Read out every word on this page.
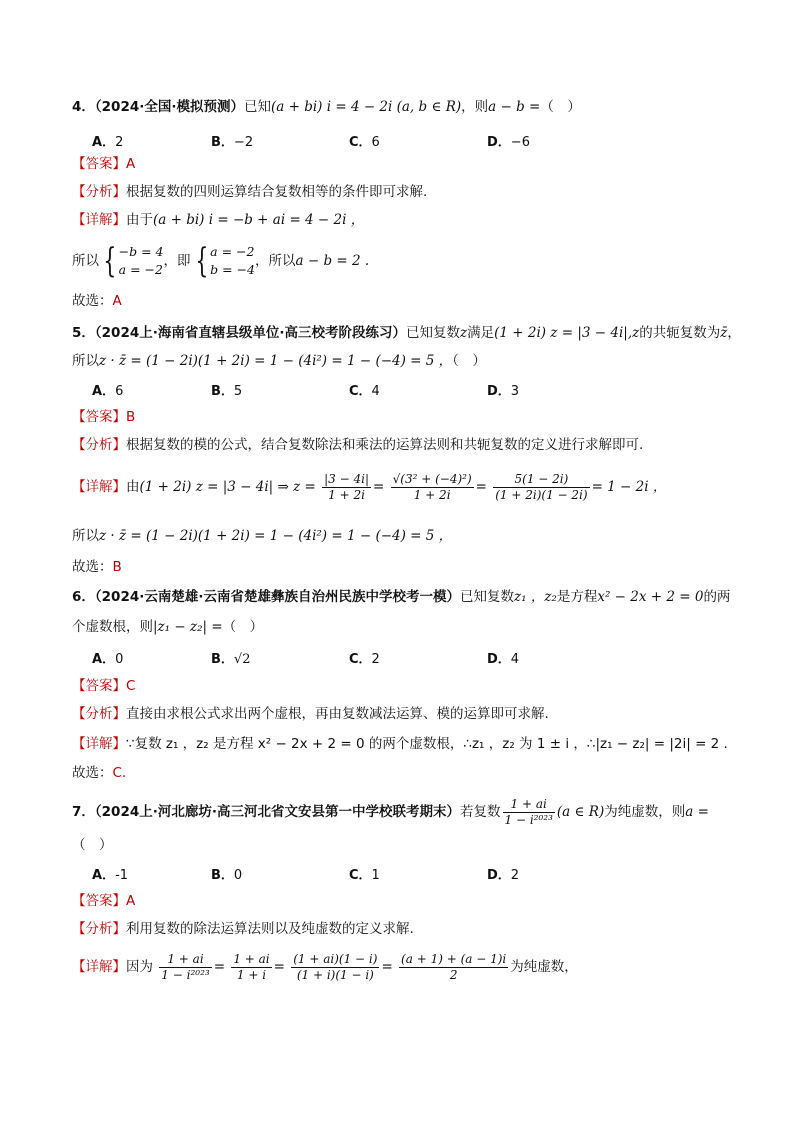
4．（2024·全国·模拟预测）已知(a + bi) i = 4 − 2i (a, b ∈ R)，则a − b =（　）
A．2	B．−2	C．6	D．−6
【答案】A
【分析】根据复数的四则运算结合复数相等的条件即可求解.
【详解】由于(a + bi) i = −b + ai = 4 − 2i ，
所以 { −b = 4
a = −2
，即 { a = −2
b = −4
，所以a − b = 2 .
故选：A
5．（2024上·海南省直辖县级单位·高三校考阶段练习）已知复数z满足(1 + 2i) z = |3 − 4i|,z的共轭复数为z̄，
所以z · z̄ = (1 − 2i)(1 + 2i) = 1 − (4i²) = 1 − (−4) = 5 ，（　）
A．6	B．5	C．4	D．3
【答案】B
【分析】根据复数的模的公式，结合复数除法和乘法的运算法则和共轭复数的定义进行求解即可.
【详解】由(1 + 2i) z = |3 − 4i| ⇒ $z = \frac{|3 - 4i|}{1 + 2i} = \frac{\text{√(3² + (−4)²)}}{1 + 2i} = \frac{5(1 - 2i)}{(1 + 2i)(1 - 2i)} = 1 - 2i$ ，
所以z · z̄ = (1 − 2i)(1 + 2i) = 1 − (4i²) = 1 − (−4) = 5 ，
故选：B
6．（2024·云南楚雄·云南省楚雄彝族自治州民族中学校考一模）已知复数z₁ ，z₂是方程x² − 2x + 2 = 0的两
个虚数根，则|z₁ − z₂| =（　）
A．0	B．√2	C．2	D．4
【答案】C
【分析】直接由求根公式求出两个虚根，再由复数减法运算、模的运算即可求解.
【详解】∵复数 z₁ ，z₂ 是方程 x² − 2x + 2 = 0 的两个虚数根，∴z₁ ，z₂ 为 1 ± i ，∴|z₁ − z₂| = |2i| = 2 .
故选：C.
7．（2024上·河北廊坊·高三河北省文安县第一中学校联考期末）若复数 $\frac{1 + ai}{\text{1 − i²⁰²³}} (a$ ∈ R)为纯虚数，则a =
（　）
A．-1	B．0	C．1	D．2
【答案】A
【分析】利用复数的除法运算法则以及纯虚数的定义求解.
【详解】因为 $\frac{1 + ai}{\text{1 − i²⁰²³}} = \frac{1 + ai}{1 + i} = \frac{(1 + ai)(1 - i)}{(1 + i)(1 - i)} = \frac{(a + 1) + (a - 1)i}{2}$ 为纯虚数，
